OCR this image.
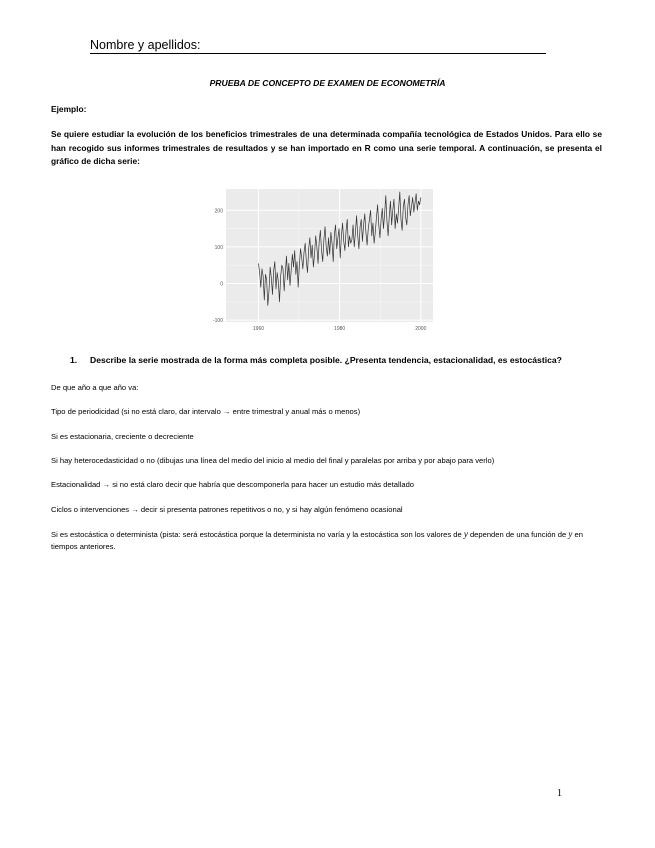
Nombre y apellidos:
PRUEBA DE CONCEPTO DE EXAMEN DE ECONOMETRÍA
Ejemplo:
Se quiere estudiar la evolución de los beneficios trimestrales de una determinada compañía tecnológica de Estados Unidos. Para ello se han recogido sus informes trimestrales de resultados y se han importado en R como una serie temporal. A continuación, se presenta el gráfico de dicha serie:
-100
0
100
200
1960	1980	2000
1. Describe la serie mostrada de la forma más completa posible. ¿Presenta tendencia, estacionalidad, es estocástica?
De que año a que año va:
Tipo de periodicidad (si no está claro, dar intervalo → entre trimestral y anual más o menos)
Si es estacionaria, creciente o decreciente
Si hay heterocedasticidad o no (dibujas una línea del medio del inicio al medio del final y paralelas por arriba y por abajo para verlo)
Estacionalidad → si no está claro decir que habría que descomponerla para hacer un estudio más detallado
Ciclos o intervenciones → decir si presenta patrones repetitivos o no, y si hay algún fenómeno ocasional
Si es estocástica o determinista (pista: será estocástica porque la determinista no varía y la estocástica son los valores de y dependen de una función de y en tiempos anteriores.
1
